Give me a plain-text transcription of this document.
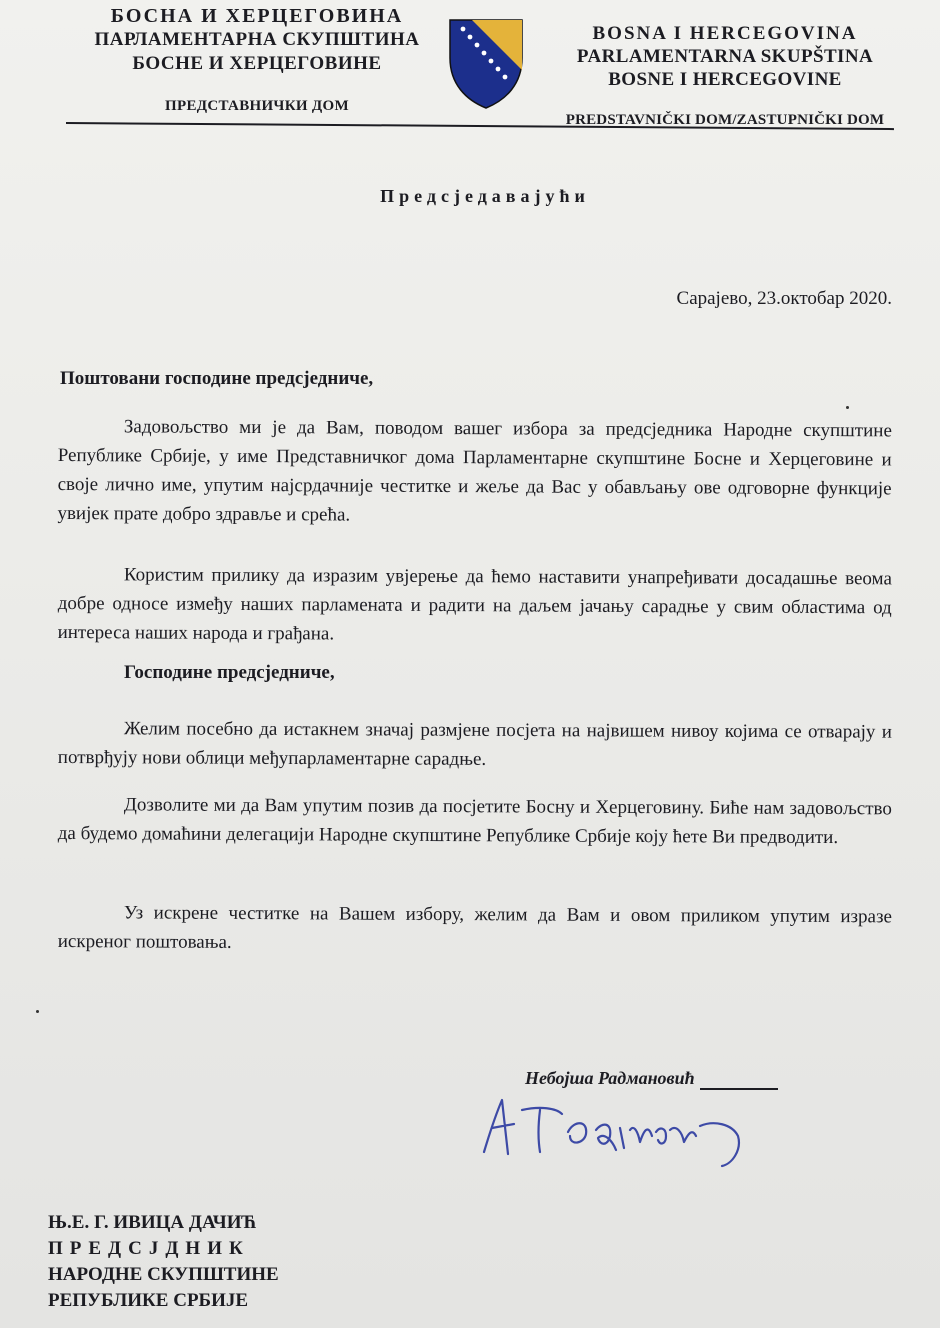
БОСНА И ХЕРЦЕГОВИНА
ПАРЛАМЕНТАРНА СКУПШТИНА
БОСНЕ И ХЕРЦЕГОВИНЕ
ПРЕДСТАВНИЧКИ ДОМ
BOSNA I HERCEGOVINA
PARLAMENTARNA SKUPŠTINA
BOSNE I HERCEGOVINE
PREDSTAVNIČKI DOM/ZASTUPNIČKI DOM
Предсједавајући
Сарајево, 23.октобар 2020.
Поштовани господине предсједниче,
Задовољство ми је да Вам, поводом вашег избора за предсједника Народне скупштине Републике Србије, у име Представничког дома Парламентарне скупштине Босне и Херцеговине и своје лично име, упутим најсрдачније честитке и жеље да Вас у обављању ове одговорне функције увијек прате добро здравље и срећа.
Користим прилику да изразим увјерење да ћемо наставити унапређивати досадашње веома добре односе између наших парламената и радити на даљем јачању сарадње у свим областима од интереса наших народа и грађана.
Господине предсједниче,
Желим посебно да истакнем значај размјене посјета на највишем нивоу којима се отварају и потврђују нови облици међупарламентарне сарадње.
Дозволите ми да Вам упутим позив да посјетите Босну и Херцеговину. Биће нам задовољство да будемо домаћини делегацији Народне скупштине Републике Србије коју ћете Ви предводити.
Уз искрене честитке на Вашем избору, желим да Вам и овом приликом упутим изразе искреног поштовања.
Небојша Радмановић
Њ.Е. Г. ИВИЦА ДАЧИЋ
ПРЕДСЈДНИК
НАРОДНЕ СКУПШТИНЕ
РЕПУБЛИКЕ СРБИЈЕ
